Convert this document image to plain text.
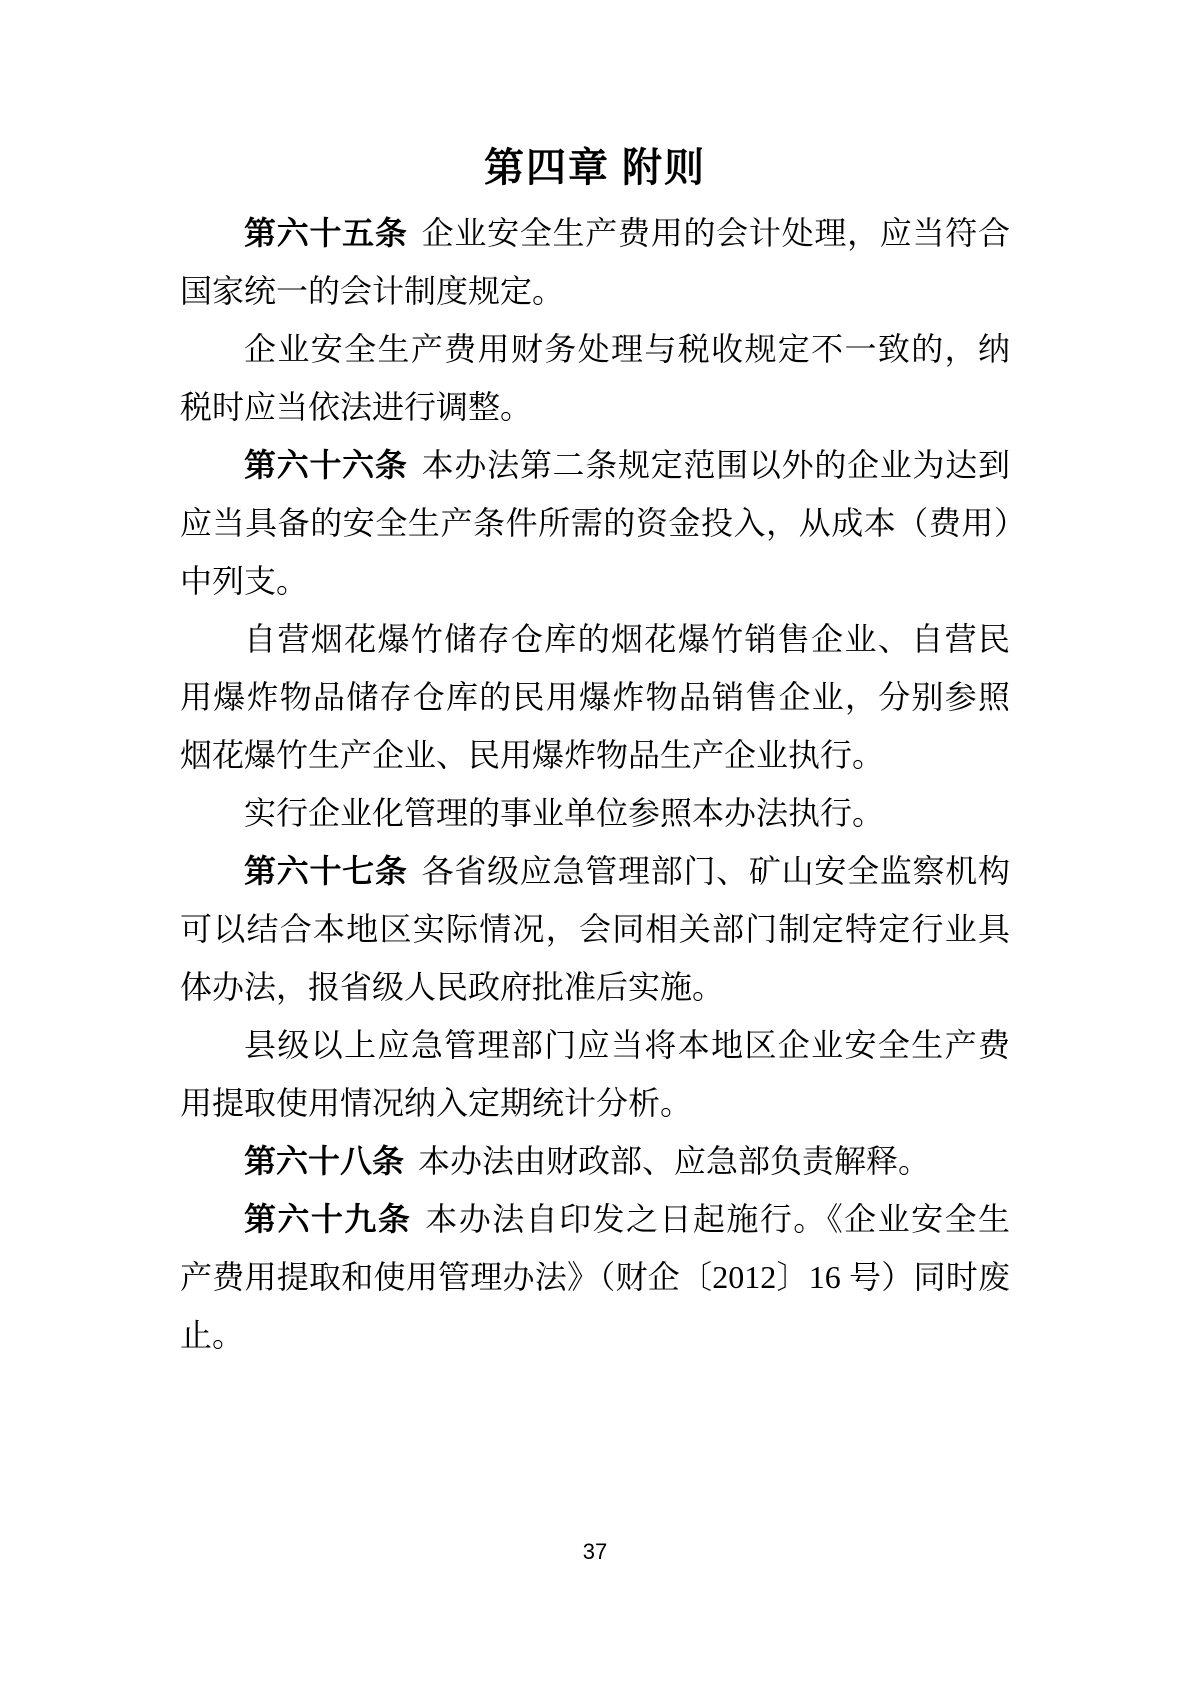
第四章 附则

第六十五条 企业安全生产费用的会计处理，应当符合国家统一的会计制度规定。

企业安全生产费用财务处理与税收规定不一致的，纳税时应当依法进行调整。

第六十六条 本办法第二条规定范围以外的企业为达到应当具备的安全生产条件所需的资金投入，从成本（费用）中列支。

自营烟花爆竹储存仓库的烟花爆竹销售企业、自营民用爆炸物品储存仓库的民用爆炸物品销售企业，分别参照烟花爆竹生产企业、民用爆炸物品生产企业执行。

实行企业化管理的事业单位参照本办法执行。

第六十七条 各省级应急管理部门、矿山安全监察机构可以结合本地区实际情况，会同相关部门制定特定行业具体办法，报省级人民政府批准后实施。

县级以上应急管理部门应当将本地区企业安全生产费用提取使用情况纳入定期统计分析。

第六十八条 本办法由财政部、应急部负责解释。

第六十九条 本办法自印发之日起施行。《企业安全生产费用提取和使用管理办法》（财企〔2012〕16 号）同时废止。

37
